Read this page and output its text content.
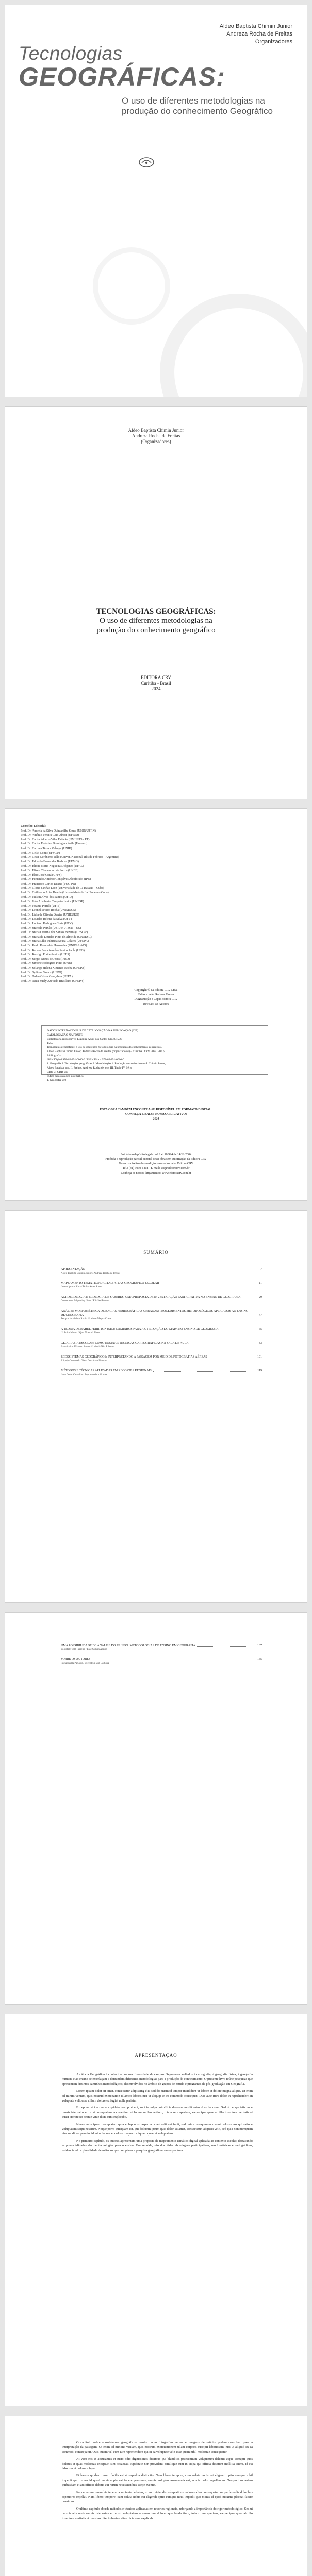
Aldeo Baptista Chimin Junior
Andreza Rocha de Freitas
Organizadores
Tecnologias
GEOGRÁFICAS:
O uso de diferentes metodologias na produção do conhecimento Geográfico
Aldeo Baptista Chimin Junior
Andreza Rocha de Freitas
(Organizadores)
TECNOLOGIAS GEOGRÁFICAS:
O uso de diferentes metodologias na
produção do conhecimento geográfico
EDITORA CRV
Curitiba - Brasil
2024
Conselho Editorial:
Prof. Dr. Andréia da Silva Quintanilha Sousa (UNIR/UFRN)
Prof. Dr. Antônio Pereira Gaio Júnior (UFRRJ)
Prof. Dr. Carlos Alberto Vilar Estêvão (UMINHO - PT)
Prof. Dr. Carlos Federico Dominguez Avila (Unieuro)
Prof. Dr. Carmen Tereza Velanga (UNIR)
Prof. Dr. Celso Conti (UFSCar)
Prof. Dr. Cesar Gerónimo Tello (Univer. Nacional Três de Febrero – Argentina)
Prof. Dr. Eduardo Fernandes Barbosa (UFMG)
Prof. Dr. Elione Maria Nogueira Diógenes (UFAL)
Prof. Dr. Elizeu Clementino de Souza (UNEB)
Prof. Dr. Élsio José Corá (UFFS)
Prof. Dr. Fernando Antônio Gonçalves Alcoforado (IPB)
Prof. Dr. Francisco Carlos Duarte (PUC-PR)
Prof. Dr. Gloria Fariñas León (Universidade de La Havana – Cuba)
Prof. Dr. Guillermo Arias Beatón (Universidade de La Havana – Cuba)
Prof. Dr. Jailson Alves dos Santos (UFRJ)
Prof. Dr. João Adalberto Campato Junior (UNESP)
Prof. Dr. Josania Portela (UFPI)
Prof. Dr. Leonel Severo Rocha (UNISINOS)
Prof. Dr. Lídia de Oliveira Xavier (UNIEURO)
Prof. Dr. Lourdes Helena da Silva (UFV)
Prof. Dr. Luciano Rodrigues Costa (UFV)
Prof. Dr. Marcelo Paixão (UFRJ e UTexas – US)
Prof. Dr. Maria Cristina dos Santos Bezerra (UFSCar)
Prof. Dr. Maria de Lourdes Pinto de Almeida (UNOESC)
Prof. Dr. Maria Lília Imbiriba Sousa Colares (UFOPA)
Prof. Dr. Paulo Romualdo Hernandes (UNIFAL-MG)
Prof. Dr. Renato Francisco dos Santos Paula (UFG)
Prof. Dr. Rodrigo Pratte-Santos (UFES)
Prof. Dr. Sérgio Nunes de Jesus (IFRO)
Prof. Dr. Simone Rodrigues Pinto (UNB)
Prof. Dr. Solange Helena Ximenes-Rocha (UFOPA)
Prof. Dr. Sydione Santos (UEPG)
Prof. Dr. Tadeu Oliver Gonçalves (UFPA)
Prof. Dr. Tania Suely Azevedo Brasileiro (UFOPA)
Copyright © da Editora CRV Ltda.
Editor-chefe: Railson Moura
Diagramação e Capa: Editora CRV
Revisão: Os Autores
DADOS INTERNACIONAIS DE CATALOGAÇÃO NA PUBLICAÇÃO (CIP)
CATALOGAÇÃO NA FONTE
Bibliotecária responsável: Luzenira Alves dos Santos CRB9/1506
T255
Tecnologias geográficas: o uso de diferentes metodologias na produção do conhecimento geográfico /
Aldeo Baptista Chimin Junior, Andreza Rocha de Freitas (organizadores) – Curitiba : CRV, 2024. 200 p.
Bibliografia
ISBN Digital 978-65-251-0000-0 / ISBN Físico 978-65-251-0000-0
1. Geografia 2. Tecnologias geográficas 3. Metodologias 4. Produção do conhecimento I. Chimin Junior,
Aldeo Baptista. org. II. Freitas, Andreza Rocha de. org. III. Título IV. Série
CDU 91 CDD 910
Índice para catálogo sistemático
1. Geografia 910
ESTA OBRA TAMBÉM ENCONTRA-SE DISPONÍVEL EM FORMATO DIGITAL.
CONHEÇA E BAIXE NOSSO APLICATIVO!
2024
Foi feito o depósito legal conf. Lei 10.994 de 14/12/2004
Proibida a reprodução parcial ou total desta obra sem autorização da Editora CRV
Todos os direitos desta edição reservados pela: Editora CRV
Tel.: (41) 3039-6418 - E-mail: sac@editoracrv.com.br
Conheça os nossos lançamentos: www.editoracrv.com.br
SUMÁRIO
APRESENTAÇÃO	7
Aldeo Baptista Chimin Junior / Andreza Rocha de Freitas
MAPEAMENTO TEMÁTICO DIGITAL: ATLAS GEOGRÁFICO ESCOLAR	11
Lorem Ipsum Silva / Dolor Amet Souza
AGROECOLOGIA E ECOLOGIA DE SABERES: UMA PROPOSTA DE INVESTIGAÇÃO PARTICIPATIVA NO ENSINO DE GEOGRAFIA	29
Consectetur Adipiscing Lima / Elit Sed Pereira
ANÁLISE MORFOMÉTRICA DE BACIAS HIDROGRÁFICAS URBANAS: PROCEDIMENTOS METODOLÓGICOS APLICADOS AO ENSINO DE GEOGRAFIA	47
Tempor Incididunt Rocha / Labore Magna Costa
A TEORIA DE RAHEL PERRITON (SIC): CAMINHOS PARA A UTILIZAÇÃO DO MAPA NO ENSINO DE GEOGRAFIA	65
Ut Enim Minim / Quis Nostrud Alves
GEOGRAFIA ESCOLAR: COMO ENSINAR TÉCNICAS CARTOGRÁFICAS NA SALA DE AULA	83
Exercitation Ullamco Santos / Laboris Nisi Ribeiro
ECOSSISTEMAS GEOGRÁFICOS: INTERPRETANDO A PAISAGEM POR MEIO DE FOTOGRAFIAS AÉREAS	101
Aliquip Commodo Dias / Duis Aute Martins
MÉTODOS E TÉCNICAS APLICADAS EM RECORTES REGIONAIS	119
Irure Dolor Carvalho / Reprehenderit Gomes
UMA POSSIBILIDADE DE ANÁLISE DO MUNDO: METODOLOGIAS DE ENSINO EM GEOGRAFIA	137
Voluptate Velit Ferreira / Esse Cillum Araújo
SOBRE OS AUTORES	155
Fugiat Nulla Pariatur / Excepteur Sint Barbosa
APRESENTAÇÃO

A ciência Geográfica é conhecida por sua diversidade de campos. Segmentos voltados à cartografia, à geografia física, à geografia humana e ao ensino se entrelaçam e demandam diferentes metodologias para a produção do conhecimento. O presente livro reúne pesquisas que apresentam distintos caminhos metodológicos, desenvolvidos no âmbito de grupos de estudo e programas de pós-graduação em Geografia.

Lorem ipsum dolor sit amet, consectetur adipiscing elit, sed do eiusmod tempor incididunt ut labore et dolore magna aliqua. Ut enim ad minim veniam, quis nostrud exercitation ullamco laboris nisi ut aliquip ex ea commodo consequat. Duis aute irure dolor in reprehenderit in voluptate velit esse cillum dolore eu fugiat nulla pariatur.

Excepteur sint occaecat cupidatat non proident, sunt in culpa qui officia deserunt mollit anim id est laborum. Sed ut perspiciatis unde omnis iste natus error sit voluptatem accusantium doloremque laudantium, totam rem aperiam, eaque ipsa quae ab illo inventore veritatis et quasi architecto beatae vitae dicta sunt explicabo.

Nemo enim ipsam voluptatem quia voluptas sit aspernatur aut odit aut fugit, sed quia consequuntur magni dolores eos qui ratione voluptatem sequi nesciunt. Neque porro quisquam est, qui dolorem ipsum quia dolor sit amet, consectetur, adipisci velit, sed quia non numquam eius modi tempora incidunt ut labore et dolore magnam aliquam quaerat voluptatem.

No primeiro capítulo, os autores apresentam uma proposta de mapeamento temático digital aplicada ao contexto escolar, destacando as potencialidades das geotecnologias para o ensino. Em seguida, são discutidas abordagens participativas, morfométricas e cartográficas, evidenciando a pluralidade de métodos que compõem a pesquisa geográfica contemporânea.

O capítulo sobre ecossistemas geográficos mostra como fotografias aéreas e imagens de satélite podem contribuir para a interpretação da paisagem. Ut enim ad minima veniam, quis nostrum exercitationem ullam corporis suscipit laboriosam, nisi ut aliquid ex ea commodi consequatur. Quis autem vel eum iure reprehenderit qui in ea voluptate velit esse quam nihil molestiae consequatur.

At vero eos et accusamus et iusto odio dignissimos ducimus qui blanditiis praesentium voluptatum deleniti atque corrupti quos dolores et quas molestias excepturi sint occaecati cupiditate non provident, similique sunt in culpa qui officia deserunt mollitia animi, id est laborum et dolorum fuga.

Et harum quidem rerum facilis est et expedita distinctio. Nam libero tempore, cum soluta nobis est eligendi optio cumque nihil impedit quo minus id quod maxime placeat facere possimus, omnis voluptas assumenda est, omnis dolor repellendus. Temporibus autem quibusdam et aut officiis debitis aut rerum necessitatibus saepe eveniet.

Itaque earum rerum hic tenetur a sapiente delectus, ut aut reiciendis voluptatibus maiores alias consequatur aut perferendis doloribus asperiores repellat. Nam libero tempore, cum soluta nobis est eligendi optio cumque nihil impedit quo minus id quod maxime placeat facere possimus.

O último capítulo aborda métodos e técnicas aplicadas em recortes regionais, reforçando a importância do rigor metodológico. Sed ut perspiciatis unde omnis iste natus error sit voluptatem accusantium doloremque laudantium, totam rem aperiam, eaque ipsa quae ab illo inventore veritatis et quasi architecto beatae vitae dicta sunt explicabo.
